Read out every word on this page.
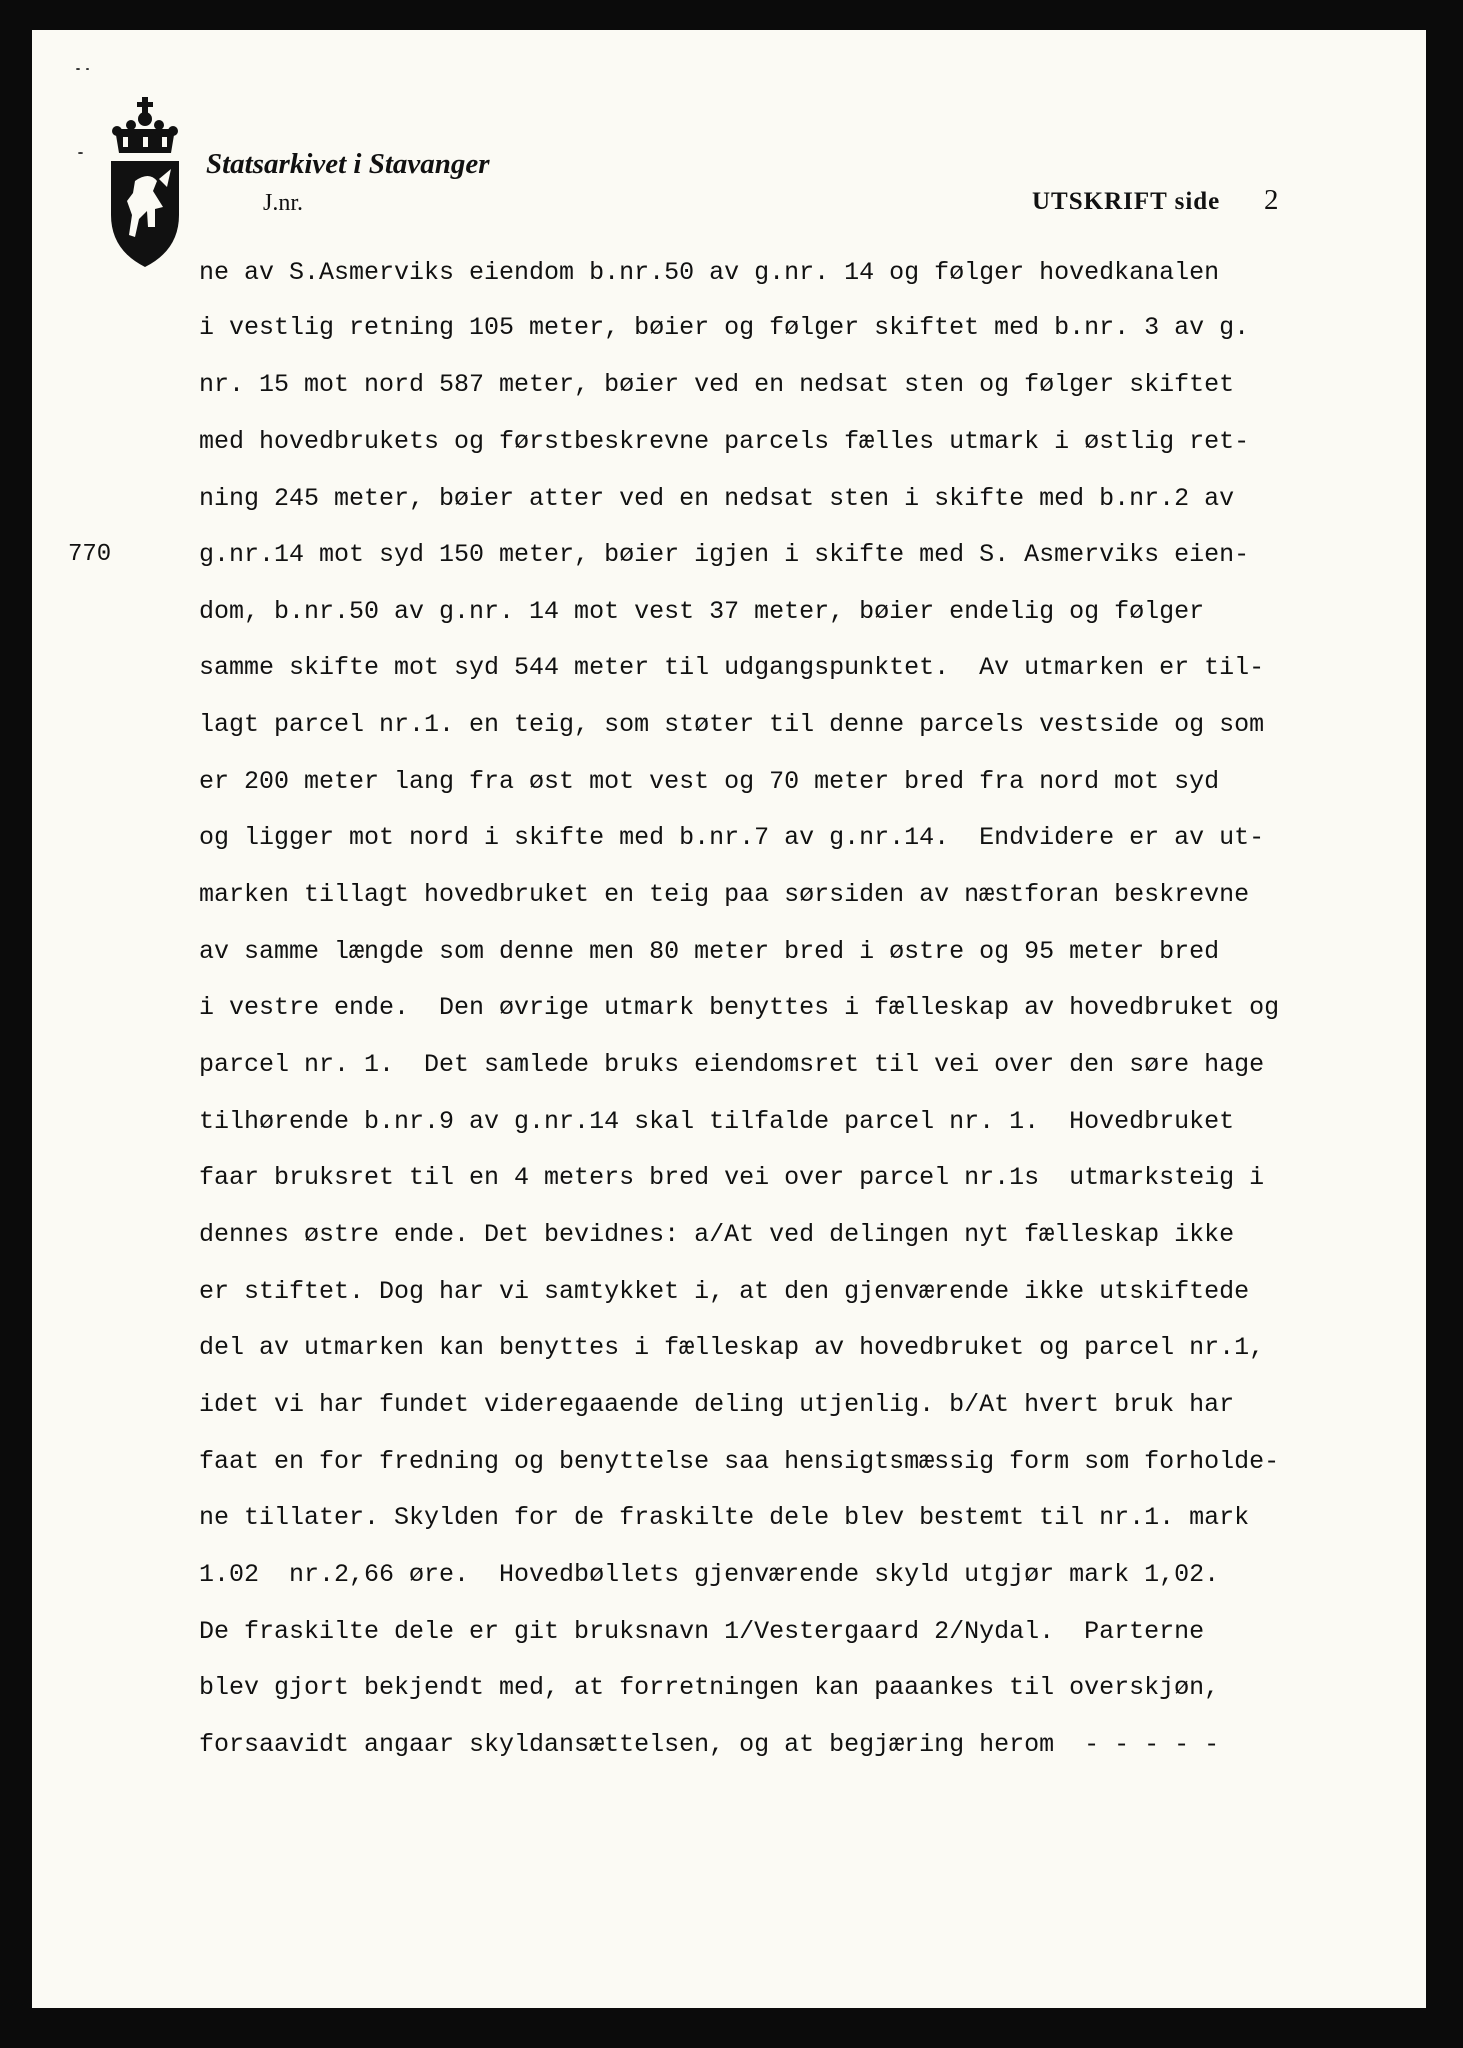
Statsarkivet i Stavanger
J.nr.	UTSKRIFT side 2
770
ne av S.Asmerviks eiendom b.nr.50 av g.nr. 14 og følger hovedkanalen
i vestlig retning 105 meter, bøier og følger skiftet med b.nr. 3 av g.
nr. 15 mot nord 587 meter, bøier ved en nedsat sten og følger skiftet
med hovedbrukets og førstbeskrevne parcels fælles utmark i østlig ret-
ning 245 meter, bøier atter ved en nedsat sten i skifte med b.nr.2 av
g.nr.14 mot syd 150 meter, bøier igjen i skifte med S. Asmerviks eien-
dom, b.nr.50 av g.nr. 14 mot vest 37 meter, bøier endelig og følger
samme skifte mot syd 544 meter til udgangspunktet.  Av utmarken er til-
lagt parcel nr.1. en teig, som støter til denne parcels vestside og som
er 200 meter lang fra øst mot vest og 70 meter bred fra nord mot syd
og ligger mot nord i skifte med b.nr.7 av g.nr.14.  Endvidere er av ut-
marken tillagt hovedbruket en teig paa sørsiden av næstforan beskrevne
av samme længde som denne men 80 meter bred i østre og 95 meter bred
i vestre ende.  Den øvrige utmark benyttes i fælleskap av hovedbruket og
parcel nr. 1.  Det samlede bruks eiendomsret til vei over den søre hage
tilhørende b.nr.9 av g.nr.14 skal tilfalde parcel nr. 1.  Hovedbruket
faar bruksret til en 4 meters bred vei over parcel nr.1s  utmarksteig i
dennes østre ende. Det bevidnes: a/At ved delingen nyt fælleskap ikke
er stiftet. Dog har vi samtykket i, at den gjenværende ikke utskiftede
del av utmarken kan benyttes i fælleskap av hovedbruket og parcel nr.1,
idet vi har fundet videregaaende deling utjenlig. b/At hvert bruk har
faat en for fredning og benyttelse saa hensigtsmæssig form som forholde-
ne tillater. Skylden for de fraskilte dele blev bestemt til nr.1. mark
1.02  nr.2,66 øre.  Hovedbøllets gjenværende skyld utgjør mark 1,02.
De fraskilte dele er git bruksnavn 1/Vestergaard 2/Nydal.  Parterne
blev gjort bekjendt med, at forretningen kan paaankes til overskjøn,
forsaavidt angaar skyldansættelsen, og at begjæring herom  - - - - -
